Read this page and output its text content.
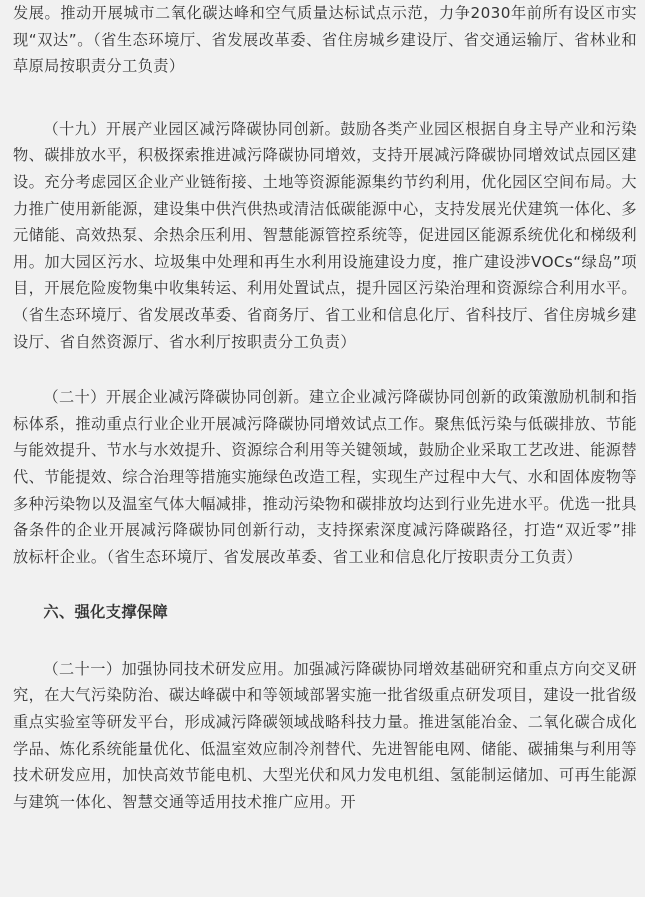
发展。推动开展城市二氧化碳达峰和空气质量达标试点示范，力争2030年前所有设区市实现“双达”。（省生态环境厅、省发展改革委、省住房城乡建设厅、省交通运输厅、省林业和草原局按职责分工负责）

（十九）开展产业园区减污降碳协同创新。鼓励各类产业园区根据自身主导产业和污染物、碳排放水平，积极探索推进减污降碳协同增效，支持开展减污降碳协同增效试点园区建设。充分考虑园区企业产业链衔接、土地等资源能源集约节约利用，优化园区空间布局。大力推广使用新能源，建设集中供汽供热或清洁低碳能源中心，支持发展光伏建筑一体化、多元储能、高效热泵、余热余压利用、智慧能源管控系统等，促进园区能源系统优化和梯级利用。加大园区污水、垃圾集中处理和再生水利用设施建设力度，推广建设涉VOCs“绿岛”项目，开展危险废物集中收集转运、利用处置试点，提升园区污染治理和资源综合利用水平。（省生态环境厅、省发展改革委、省商务厅、省工业和信息化厅、省科技厅、省住房城乡建设厅、省自然资源厅、省水利厅按职责分工负责）

（二十）开展企业减污降碳协同创新。建立企业减污降碳协同创新的政策激励机制和指标体系，推动重点行业企业开展减污降碳协同增效试点工作。聚焦低污染与低碳排放、节能与能效提升、节水与水效提升、资源综合利用等关键领域，鼓励企业采取工艺改进、能源替代、节能提效、综合治理等措施实施绿色改造工程，实现生产过程中大气、水和固体废物等多种污染物以及温室气体大幅减排，推动污染物和碳排放均达到行业先进水平。优选一批具备条件的企业开展减污降碳协同创新行动，支持探索深度减污降碳路径，打造“双近零”排放标杆企业。（省生态环境厅、省发展改革委、省工业和信息化厅按职责分工负责）

六、强化支撑保障

（二十一）加强协同技术研发应用。加强减污降碳协同增效基础研究和重点方向交叉研究，在大气污染防治、碳达峰碳中和等领域部署实施一批省级重点研发项目，建设一批省级重点实验室等研发平台，形成减污降碳领域战略科技力量。推进氢能冶金、二氧化碳合成化学品、炼化系统能量优化、低温室效应制冷剂替代、先进智能电网、储能、碳捕集与利用等技术研发应用，加快高效节能电机、大型光伏和风力发电机组、氢能制运储加、可再生能源与建筑一体化、智慧交通等适用技术推广应用。开
